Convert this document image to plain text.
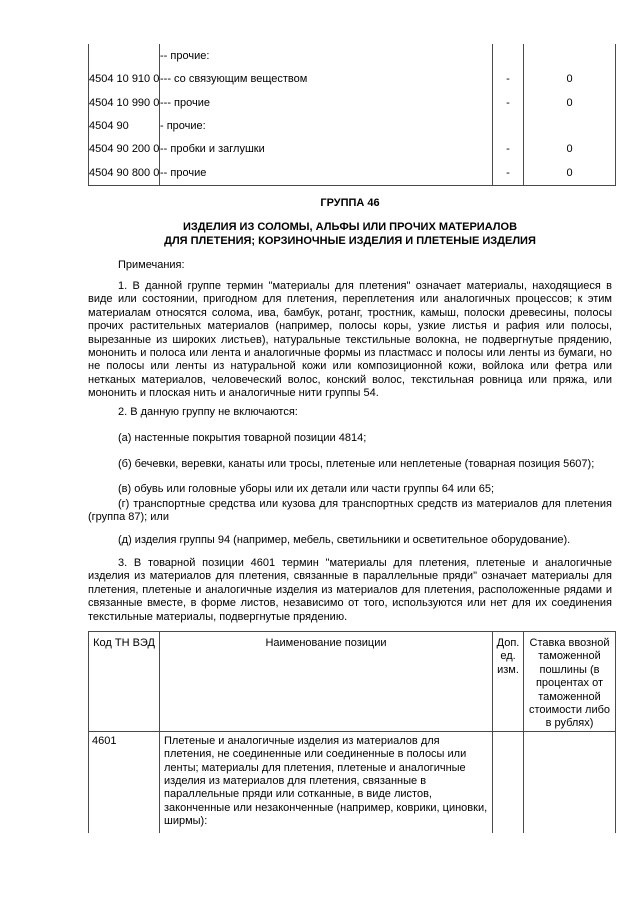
	-- прочие:		
4504 10 910 0	--- со связующим веществом	-	0
4504 10 990 0	--- прочие	-	0
4504 90	- прочие:		
4504 90 200 0	-- пробки и заглушки	-	0
4504 90 800 0	-- прочие	-	0
ГРУППА 46
ИЗДЕЛИЯ ИЗ СОЛОМЫ, АЛЬФЫ ИЛИ ПРОЧИХ МАТЕРИАЛОВ
ДЛЯ ПЛЕТЕНИЯ; КОРЗИНОЧНЫЕ ИЗДЕЛИЯ И ПЛЕТЕНЫЕ ИЗДЕЛИЯ
Примечания:

1. В данной группе термин "материалы для плетения" означает материалы, находящиеся в виде или состоянии, пригодном для плетения, переплетения или аналогичных процессов; к этим материалам относятся солома, ива, бамбук, ротанг, тростник, камыш, полоски древесины, полосы прочих растительных материалов (например, полосы коры, узкие листья и рафия или полосы, вырезанные из широких листьев), натуральные текстильные волокна, не подвергнутые прядению, мононить и полоса или лента и аналогичные формы из пластмасс и полосы или ленты из бумаги, но не полосы или ленты из натуральной кожи или композиционной кожи, войлока или фетра или нетканых материалов, человеческий волос, конский волос, текстильная ровница или пряжа, или мононить и плоская нить и аналогичные нити группы 54.

2. В данную группу не включаются:

(а) настенные покрытия товарной позиции 4814;

(б) бечевки, веревки, канаты или тросы, плетеные или неплетеные (товарная позиция 5607);

(в) обувь или головные уборы или их детали или части группы 64 или 65;

(г) транспортные средства или кузова для транспортных средств из материалов для плетения (группа 87); или

(д) изделия группы 94 (например, мебель, светильники и осветительное оборудование).

3. В товарной позиции 4601 термин "материалы для плетения, плетеные и аналогичные изделия из материалов для плетения, связанные в параллельные пряди" означает материалы для плетения, плетеные и аналогичные изделия из материалов для плетения, расположенные рядами и связанные вместе, в форме листов, независимо от того, используются или нет для их соединения текстильные материалы, подвергнутые прядению.

Код ТН ВЭД	Наименование позиции	Доп. ед. изм.	Ставка ввозной таможенной пошлины (в процентах от таможенной стоимости либо в рублях)
4601	Плетеные и аналогичные изделия из материалов для плетения, не соединенные или соединенные в полосы или ленты; материалы для плетения, плетеные и аналогичные изделия из материалов для плетения, связанные в параллельные пряди или сотканные, в виде листов, законченные или незаконченные (например, коврики, циновки, ширмы):		
